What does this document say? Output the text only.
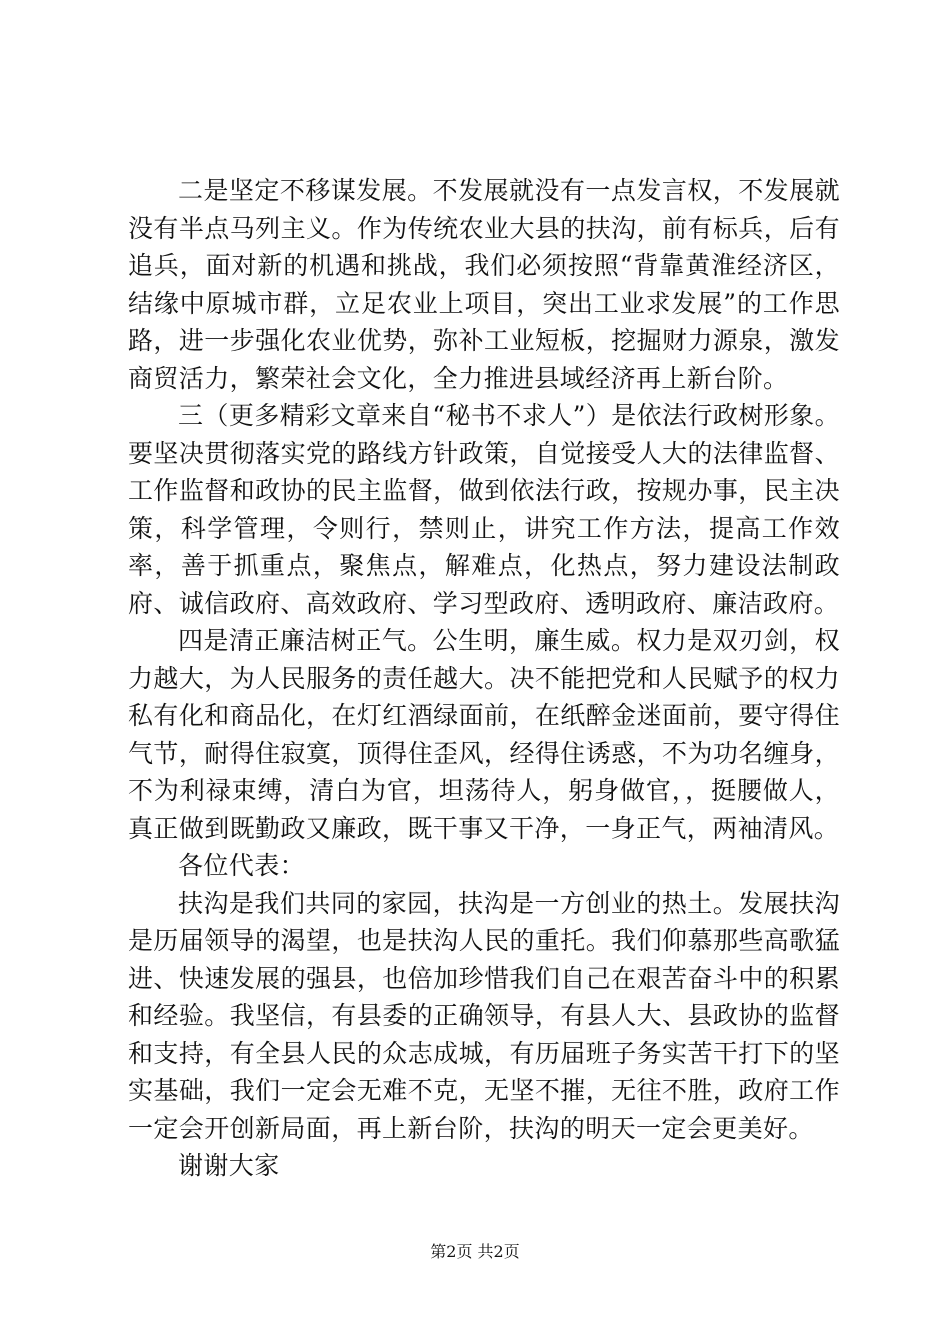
二是坚定不移谋发展。不发展就没有一点发言权，不发展就没有半点马列主义。作为传统农业大县的扶沟，前有标兵，后有追兵，面对新的机遇和挑战，我们必须按照“背靠黄淮经济区，结缘中原城市群，立足农业上项目，突出工业求发展”的工作思路，进一步强化农业优势，弥补工业短板，挖掘财力源泉，激发商贸活力，繁荣社会文化，全力推进县域经济再上新台阶。

三（更多精彩文章来自“秘书不求人”）是依法行政树形象。要坚决贯彻落实党的路线方针政策，自觉接受人大的法律监督、工作监督和政协的民主监督，做到依法行政，按规办事，民主决策，科学管理，令则行，禁则止，讲究工作方法，提高工作效率，善于抓重点，聚焦点，解难点，化热点，努力建设法制政府、诚信政府、高效政府、学习型政府、透明政府、廉洁政府。

四是清正廉洁树正气。公生明，廉生威。权力是双刃剑，权力越大，为人民服务的责任越大。决不能把党和人民赋予的权力私有化和商品化，在灯红酒绿面前，在纸醉金迷面前，要守得住气节，耐得住寂寞，顶得住歪风，经得住诱惑，不为功名缠身，不为利禄束缚，清白为官，坦荡待人，躬身做官，，挺腰做人，真正做到既勤政又廉政，既干事又干净，一身正气，两袖清风。

各位代表：

扶沟是我们共同的家园，扶沟是一方创业的热土。发展扶沟是历届领导的渴望，也是扶沟人民的重托。我们仰慕那些高歌猛进、快速发展的强县，也倍加珍惜我们自己在艰苦奋斗中的积累和经验。我坚信，有县委的正确领导，有县人大、县政协的监督和支持，有全县人民的众志成城，有历届班子务实苦干打下的坚实基础，我们一定会无难不克，无坚不摧，无往不胜，政府工作一定会开创新局面，再上新台阶，扶沟的明天一定会更美好。

谢谢大家

第2页 共2页
